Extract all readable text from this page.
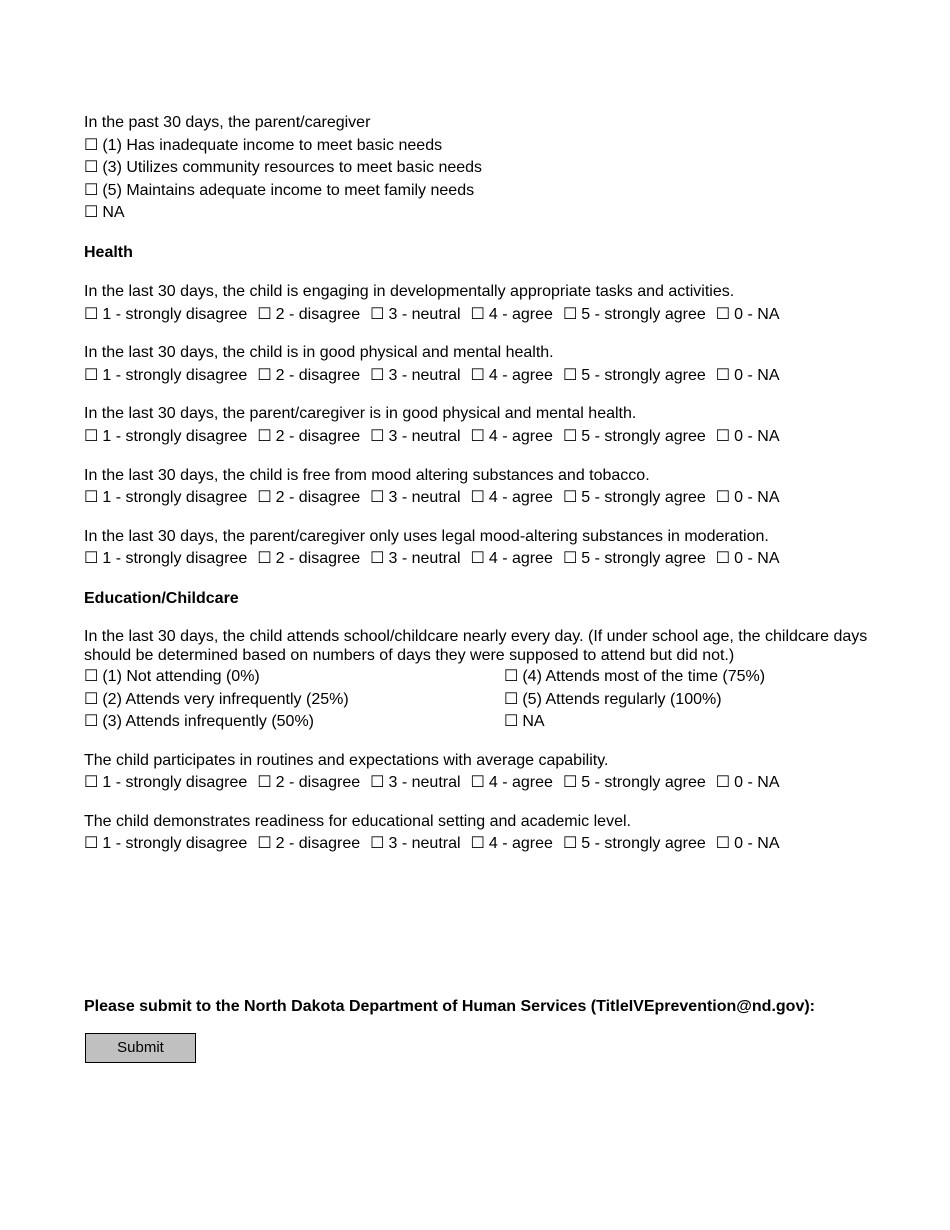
In the past 30 days, the parent/caregiver
☐ (1) Has inadequate income to meet basic needs
☐ (3) Utilizes community resources to meet basic needs
☐ (5) Maintains adequate income to meet family needs
☐ NA
Health
In the last 30 days, the child is engaging in developmentally appropriate tasks and activities.
☐ 1 - strongly disagree ☐ 2 - disagree ☐ 3 - neutral ☐ 4 - agree ☐ 5 - strongly agree ☐ 0 - NA
In the last 30 days, the child is in good physical and mental health.
☐ 1 - strongly disagree ☐ 2 - disagree ☐ 3 - neutral ☐ 4 - agree ☐ 5 - strongly agree ☐ 0 - NA
In the last 30 days, the parent/caregiver is in good physical and mental health.
☐ 1 - strongly disagree ☐ 2 - disagree ☐ 3 - neutral ☐ 4 - agree ☐ 5 - strongly agree ☐ 0 - NA
In the last 30 days, the child is free from mood altering substances and tobacco.
☐ 1 - strongly disagree ☐ 2 - disagree ☐ 3 - neutral ☐ 4 - agree ☐ 5 - strongly agree ☐ 0 - NA
In the last 30 days, the parent/caregiver only uses legal mood-altering substances in moderation.
☐ 1 - strongly disagree ☐ 2 - disagree ☐ 3 - neutral ☐ 4 - agree ☐ 5 - strongly agree ☐ 0 - NA
Education/Childcare
In the last 30 days, the child attends school/childcare nearly every day. (If under school age, the childcare days should be determined based on numbers of days they were supposed to attend but did not.)
☐ (1) Not attending (0%)
☐ (2) Attends very infrequently (25%)
☐ (3) Attends infrequently (50%)
☐ (4) Attends most of the time (75%)
☐ (5) Attends regularly (100%)
☐ NA
The child participates in routines and expectations with average capability.
☐ 1 - strongly disagree ☐ 2 - disagree ☐ 3 - neutral ☐ 4 - agree ☐ 5 - strongly agree ☐ 0 - NA
The child demonstrates readiness for educational setting and academic level.
☐ 1 - strongly disagree ☐ 2 - disagree ☐ 3 - neutral ☐ 4 - agree ☐ 5 - strongly agree ☐ 0 - NA
Please submit to the North Dakota Department of Human Services (TitleIVEprevention@nd.gov):
Submit
